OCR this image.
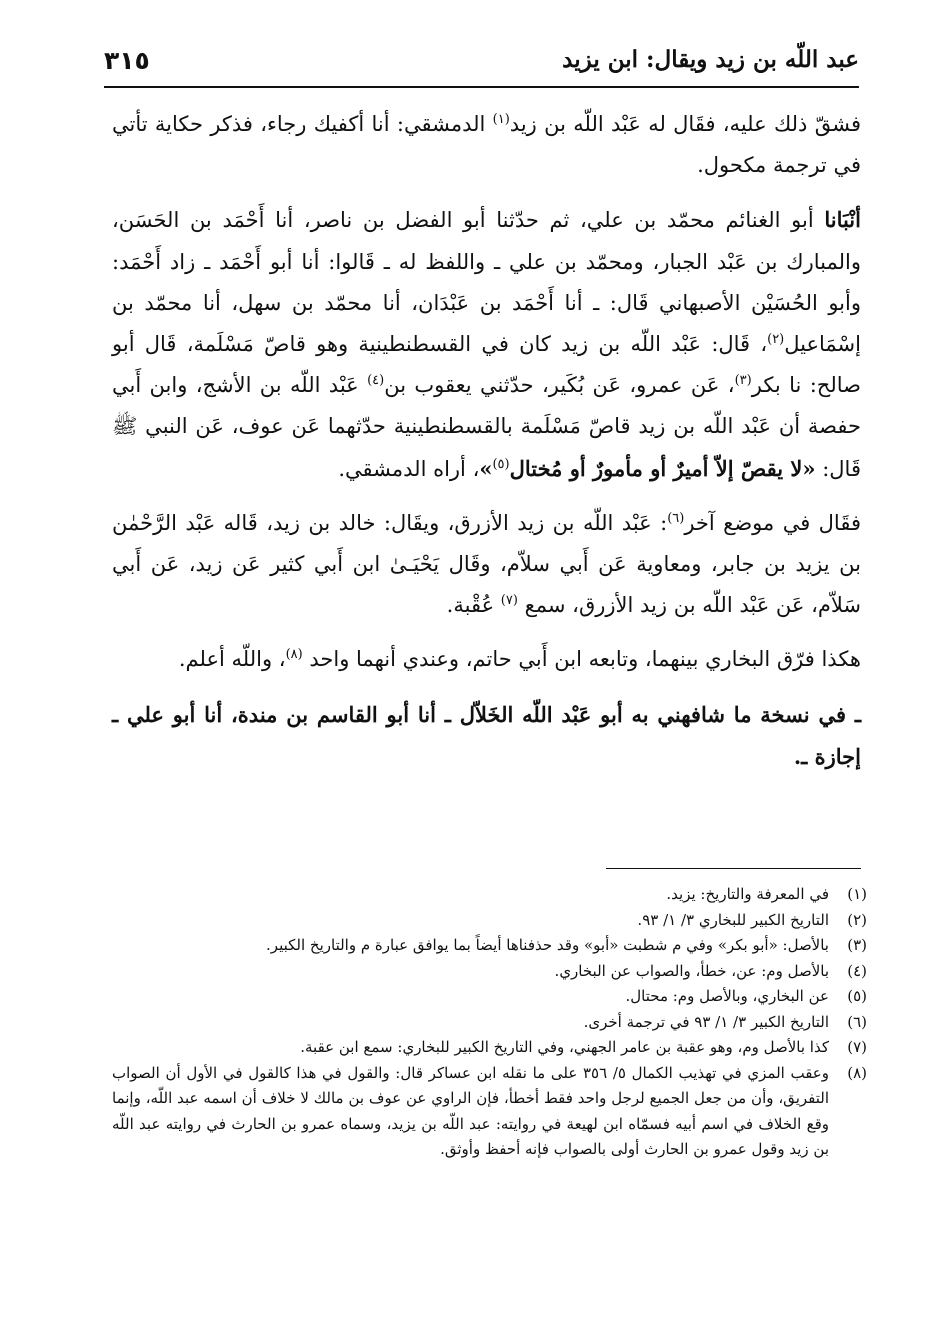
٣١٥	عبد اللّه بن زيد ويقال: ابن يزيد

فشقّ ذلك عليه، فقَال له عَبْد اللّه بن زيد$^{(١)}$ الدمشقي: أنا أكفيك رجاء، فذكر حكاية تأتي في ترجمة مكحول.

أنْبَانا أبو الغنائم محمّد بن علي، ثم حدّثنا أبو الفضل بن ناصر، أنا أَحْمَد بن الحَسَن، والمبارك بن عَبْد الجبار، ومحمّد بن علي ـ واللفظ له ـ قَالوا: أنا أبو أَحْمَد ـ زاد أَحْمَد: وأبو الحُسَيْن الأصبهاني قَال: ـ أنا أَحْمَد بن عَبْدَان، أنا محمّد بن سهل، أنا محمّد بن إسْمَاعيل$^{(٢)}$، قَال: عَبْد اللّه بن زيد كان في القسطنطينية وهو قاصّ مَسْلَمة، قَال أبو صالح: نا بكر$^{(٣)}$، عَن عمرو، عَن بُكَير، حدّثني يعقوب بن$^{(٤)}$ عَبْد اللّه بن الأشج، وابن أَبي حفصة أن عَبْد اللّه بن زيد قاصّ مَسْلَمة بالقسطنطينية حدّثهما عَن عوف، عَن النبي ﷺ قَال: «لا يقصّ إلاّ أميرٌ أو مأمورٌ أو مُختال$^{(٥)}$»، أراه الدمشقي.

فقَال في موضع آخر$^{(٦)}$: عَبْد اللّه بن زيد الأزرق، ويقَال: خالد بن زيد، قَاله عَبْد الرَّحْمٰن بن يزيد بن جابر، ومعاوية عَن أَبي سلاّم، وقَال يَحْيَـىٰ ابن أَبي كثير عَن زيد، عَن أَبي سَلاّم، عَن عَبْد اللّه بن زيد الأزرق، سمع $^{(٧)}$ عُقْبة.

هكذا فرّق البخاري بينهما، وتابعه ابن أَبي حاتم، وعندي أنهما واحد $^{(٨)}$، واللّه أعلم.

ـ في نسخة ما شافهني به أبو عَبْد اللّه الخَلاّل ـ أنا أبو القاسم بن مندة، أنا أبو علي ـ إجازة ـ.

(١)
في المعرفة والتاريخ: يزيد.
(٢)
التاريخ الكبير للبخاري ٣/ ١/ ٩٣.
(٣)
بالأصل: «أبو بكر» وفي م شطبت «أبو» وقد حذفناها أيضاً بما يوافق عبارة م والتاريخ الكبير.
(٤)
بالأصل وم: عن، خطأ، والصواب عن البخاري.
(٥)
عن البخاري، وبالأصل وم: محتال.
(٦)
التاريخ الكبير ٣/ ١/ ٩٣ في ترجمة أخرى.
(٧)
كذا بالأصل وم، وهو عقبة بن عامر الجهني، وفي التاريخ الكبير للبخاري: سمع ابن عقبة.
(٨)
وعقب المزي في تهذيب الكمال ٥/ ٣٥٦ على ما نقله ابن عساكر قال: والقول في هذا كالقول في الأول أن الصواب التفريق، وأن من جعل الجميع لرجل واحد فقط أخطأ، فإن الراوي عن عوف بن مالك لا خلاف أن اسمه عبد اللّه، وإنما وقع الخلاف في اسم أبيه فسمّاه ابن لهيعة في روايته: عبد اللّه بن يزيد، وسماه عمرو بن الحارث في روايته عبد اللّه بن زيد وقول عمرو بن الحارث أولى بالصواب فإنه أحفظ وأوثق.
